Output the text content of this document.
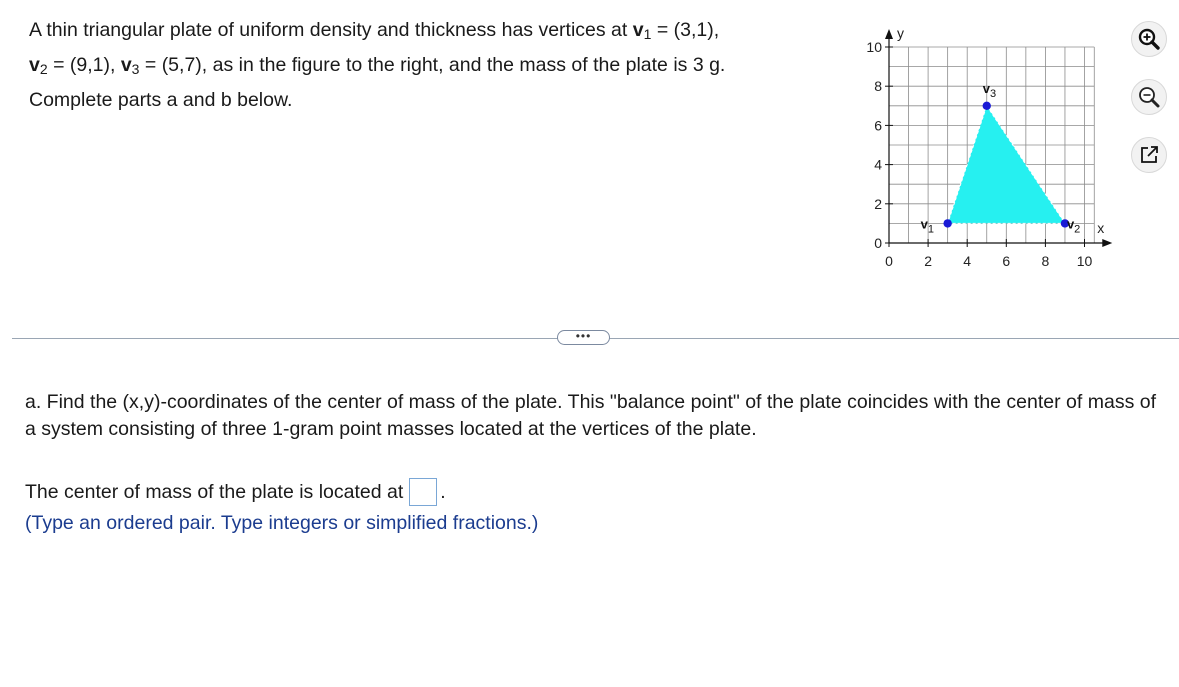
A thin triangular plate of uniform density and thickness has vertices at $v_1 = (3,1)$,
$v_2 = (9,1)$, $v_3 = (5,7)$, as in the figure to the right, and the mass of the plate is 3 g.
Complete parts a and b below.
0 2 4 6 8 10
0
2
4
6
8
10
x
y
$v_1$	$v_2$
$v_3$
•••
a. Find the (x,y)-coordinates of the center of mass of the plate. This "balance point" of the plate coincides with the center of mass of a system consisting of three 1-gram point masses located at the vertices of the plate.
The center of mass of the plate is located at .
(Type an ordered pair. Type integers or simplified fractions.)
